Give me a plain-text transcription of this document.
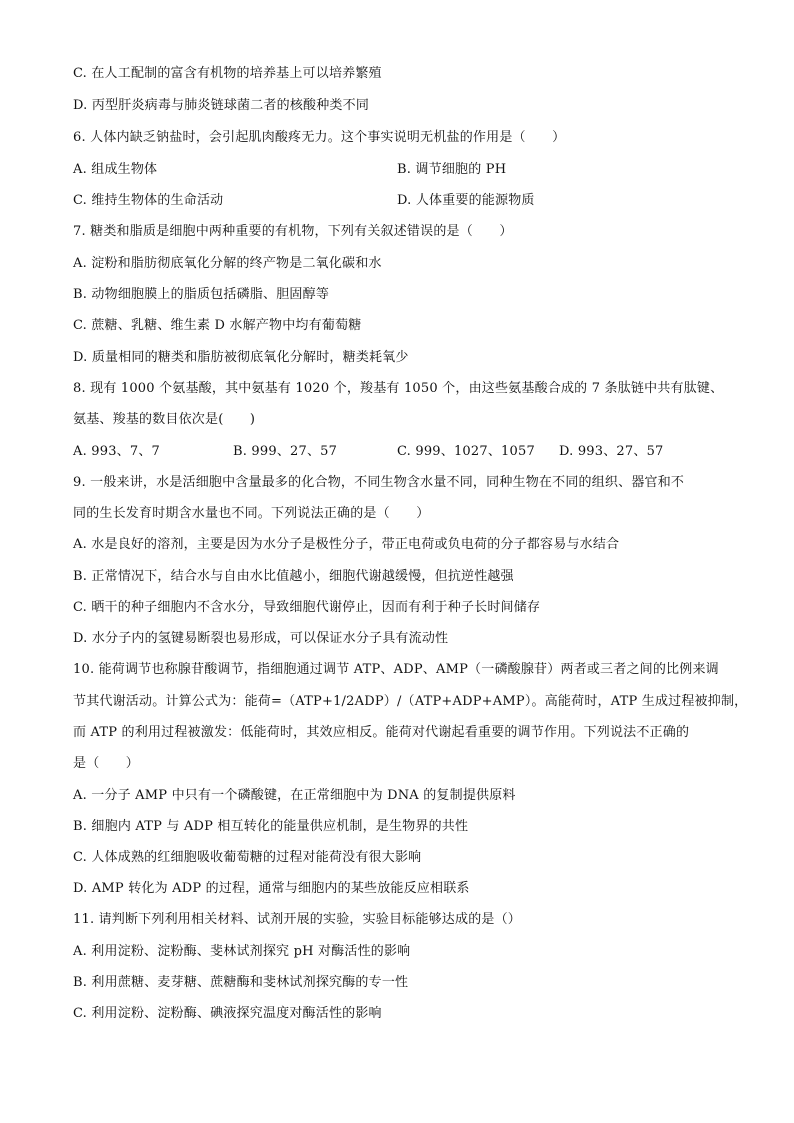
C. 在人工配制的富含有机物的培养基上可以培养繁殖
D. 丙型肝炎病毒与肺炎链球菌二者的核酸种类不同
6. 人体内缺乏钠盐时，会引起肌肉酸疼无力。这个事实说明无机盐的作用是（　　）
A. 组成生物体	B. 调节细胞的 PH
C. 维持生物体的生命活动	D. 人体重要的能源物质
7. 糖类和脂质是细胞中两种重要的有机物，下列有关叙述错误的是（　　）
A. 淀粉和脂肪彻底氧化分解的终产物是二氧化碳和水
B. 动物细胞膜上的脂质包括磷脂、胆固醇等
C. 蔗糖、乳糖、维生素 D 水解产物中均有葡萄糖
D. 质量相同的糖类和脂肪被彻底氧化分解时，糖类耗氧少
8. 现有 1000 个氨基酸，其中氨基有 1020 个，羧基有 1050 个，由这些氨基酸合成的 7 条肽链中共有肽键、
氨基、羧基的数目依次是(　　)
A. 993、7、7	B. 999、27、57	C. 999、1027、1057 D. 993、27、57
9. 一般来讲，水是活细胞中含量最多的化合物，不同生物含水量不同，同种生物在不同的组织、器官和不
同的生长发育时期含水量也不同。下列说法正确的是（　　）
A. 水是良好的溶剂，主要是因为水分子是极性分子，带正电荷或负电荷的分子都容易与水结合
B. 正常情况下，结合水与自由水比值越小，细胞代谢越缓慢，但抗逆性越强
C. 晒干的种子细胞内不含水分，导致细胞代谢停止，因而有利于种子长时间储存
D. 水分子内的氢键易断裂也易形成，可以保证水分子具有流动性
10. 能荷调节也称腺苷酸调节，指细胞通过调节 ATP、ADP、AMP（一磷酸腺苷）两者或三者之间的比例来调
节其代谢活动。计算公式为：能荷=（ATP+1/2ADP）/（ATP+ADP+AMP）。高能荷时，ATP 生成过程被抑制，
而 ATP 的利用过程被激发：低能荷时，其效应相反。能荷对代谢起看重要的调节作用。下列说法不正确的
是（　　）
A. 一分子 AMP 中只有一个磷酸键，在正常细胞中为 DNA 的复制提供原料
B. 细胞内 ATP 与 ADP 相互转化的能量供应机制，是生物界的共性
C. 人体成熟的红细胞吸收葡萄糖的过程对能荷没有很大影响
D. AMP 转化为 ADP 的过程，通常与细胞内的某些放能反应相联系
11. 请判断下列利用相关材料、试剂开展的实验，实验目标能够达成的是（）
A. 利用淀粉、淀粉酶、斐林试剂探究 pH 对酶活性的影响
B. 利用蔗糖、麦芽糖、蔗糖酶和斐林试剂探究酶的专一性
C. 利用淀粉、淀粉酶、碘液探究温度对酶活性的影响
